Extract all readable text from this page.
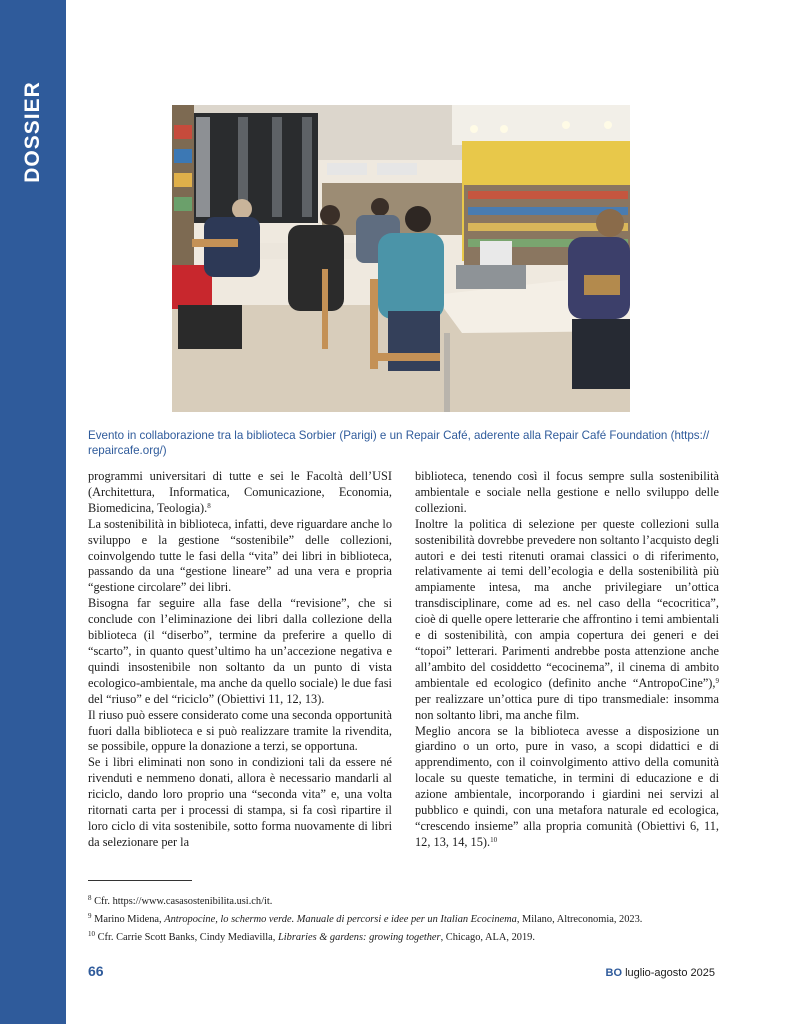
DOSSIER
Evento in collaborazione tra la biblioteca Sorbier (Parigi) e un Repair Café, aderente alla Repair Café Foundation (https:// repaircafe.org/)

programmi universitari di tutte e sei le Facoltà dell’USI (Architettura, Informatica, Comunicazione, Economia, Biomedicina, Teologia).$^8$

La sostenibilità in biblioteca, infatti, deve riguardare anche lo sviluppo e la gestione “sostenibile” delle collezioni, coinvolgendo tutte le fasi della “vita” dei libri in biblioteca, passando da una “gestione lineare” ad una vera e propria “gestione circolare” dei libri.

Bisogna far seguire alla fase della “revisione”, che si conclude con l’eliminazione dei libri dalla collezione della biblioteca (il “diserbo”, termine da preferire a quello di “scarto”, in quanto quest’ultimo ha un’accezione negativa e quindi insostenibile non soltanto da un punto di vista ecologico-ambientale, ma anche da quello sociale) le due fasi del “riuso” e del “riciclo” (Obiettivi 11, 12, 13).

Il riuso può essere considerato come una seconda opportunità fuori dalla biblioteca e si può realizzare tramite la rivendita, se possibile, oppure la donazione a terzi, se opportuna.

Se i libri eliminati non sono in condizioni tali da essere né rivenduti e nemmeno donati, allora è necessario mandarli al riciclo, dando loro proprio una “seconda vita” e, una volta ritornati carta per i processi di stampa, si fa così ripartire il loro ciclo di vita sostenibile, sotto forma nuovamente di libri da selezionare per la

biblioteca, tenendo così il focus sempre sulla sostenibilità ambientale e sociale nella gestione e nello sviluppo delle collezioni.

Inoltre la politica di selezione per queste collezioni sulla sostenibilità dovrebbe prevedere non soltanto l’acquisto degli autori e dei testi ritenuti oramai classici o di riferimento, relativamente ai temi dell’ecologia e della sostenibilità più ampiamente intesa, ma anche privilegiare un’ottica transdisciplinare, come ad es. nel caso della “ecocritica”, cioè di quelle opere letterarie che affrontino i temi ambientali e di sostenibilità, con ampia copertura dei generi e dei “topoi” letterari. Parimenti andrebbe posta attenzione anche all’ambito del cosiddetto “ecocinema”, il cinema di ambito ambientale ed ecologico (definito anche “AntropoCine”),$^9$ per realizzare un’ottica pure di tipo transmediale: insomma non soltanto libri, ma anche film.

Meglio ancora se la biblioteca avesse a disposizione un giardino o un orto, pure in vaso, a scopi didattici e di apprendimento, con il coinvolgimento attivo della comunità locale su queste tematiche, in termini di educazione e di azione ambientale, incorporando i giardini nei servizi al pubblico e quindi, con una metafora naturale ed ecologica, “crescendo insieme” alla propria comunità (Obiettivi 6, 11, 12, 13, 14, 15).$^{10}$

$^8$ Cfr. https://www.casasostenibilita.usi.ch/it.
$^9$ Marino Midena, Antropocine, lo schermo verde. Manuale di percorsi e idee per un Italian Ecocinema, Milano, Altreconomia, 2023.
$^{10}$ Cfr. Carrie Scott Banks, Cindy Mediavilla, Libraries & gardens: growing together, Chicago, ALA, 2019.
66	BO luglio-agosto 2025
